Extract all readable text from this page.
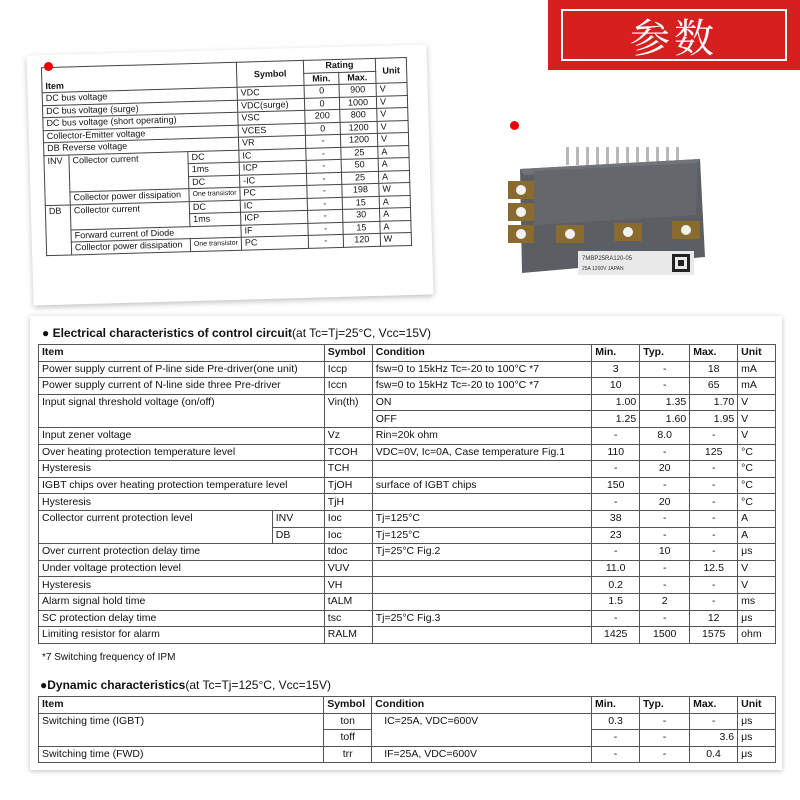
参数
Item			Symbol	Rating		Unit
				Min.	Max.	
DC bus voltage			VDC	0	900	V
DC bus voltage (surge)			VDC(surge)	0	1000	V
DC bus voltage (short operating)			VSC	200	800	V
Collector-Emitter voltage			VCES	0	1200	V
DB Reverse voltage			VR	-	1200	V
INV	Collector current	DC	IC	-	25	A
		1ms	ICP	-	50	A
		DC	-IC	-	25	A
	Collector power dissipation	One transistor	PC	-	198	W
DB	Collector current	DC	IC	-	15	A
		1ms	ICP	-	30	A
	Forward current of Diode		IF	-	15	A
	Collector power dissipation	One transistor	PC	-	120	W
7MBP25RA120-05
25A 1200V JAPAN

● Electrical characteristics of control circuit(at Tc=Tj=25°C, Vcc=15V)

Item		Symbol	Condition	Min.	Typ.	Max.	Unit
Power supply current of P-line side Pre-driver(one unit)		Iccp	fsw=0 to 15kHz Tc=-20 to 100°C *7	3	-	18	mA
Power supply current of N-line side three Pre-driver		Iccn	fsw=0 to 15kHz Tc=-20 to 100°C *7	10	-	65	mA
Input signal threshold voltage (on/off)		Vin(th)	ON	1.00	1.35	1.70	V
			OFF	1.25	1.60	1.95	V
Input zener voltage		Vz	Rin=20k ohm	-	8.0	-	V
Over heating protection temperature level		TCOH	VDC=0V, Ic=0A, Case temperature Fig.1	110	-	125	°C
Hysteresis		TCH		-	20	-	°C
IGBT chips over heating protection temperature level		TjOH	surface of IGBT chips	150	-	-	°C
Hysteresis		TjH		-	20	-	°C
Collector current protection level	INV	Ioc	Tj=125°C	38	-	-	A
	DB	Ioc	Tj=125°C	23	-	-	A
Over current protection delay time		tdoc	Tj=25°C Fig.2	-	10	-	μs
Under voltage protection level		VUV		11.0	-	12.5	V
Hysteresis		VH		0.2	-	-	V
Alarm signal hold time		tALM		1.5	2	-	ms
SC protection delay time		tsc	Tj=25°C Fig.3	-	-	12	μs
Limiting resistor for alarm		RALM		1425	1500	1575	ohm
*7 Switching frequency of IPM

●Dynamic characteristics(at Tc=Tj=125°C, Vcc=15V)

Item	Symbol	Condition	Min.	Typ.	Max.	Unit
Switching time (IGBT)	ton	IC=25A, VDC=600V	0.3	-	-	μs
	toff		-	-	3.6	μs
Switching time (FWD)	trr	IF=25A, VDC=600V	-	-	0.4	μs
